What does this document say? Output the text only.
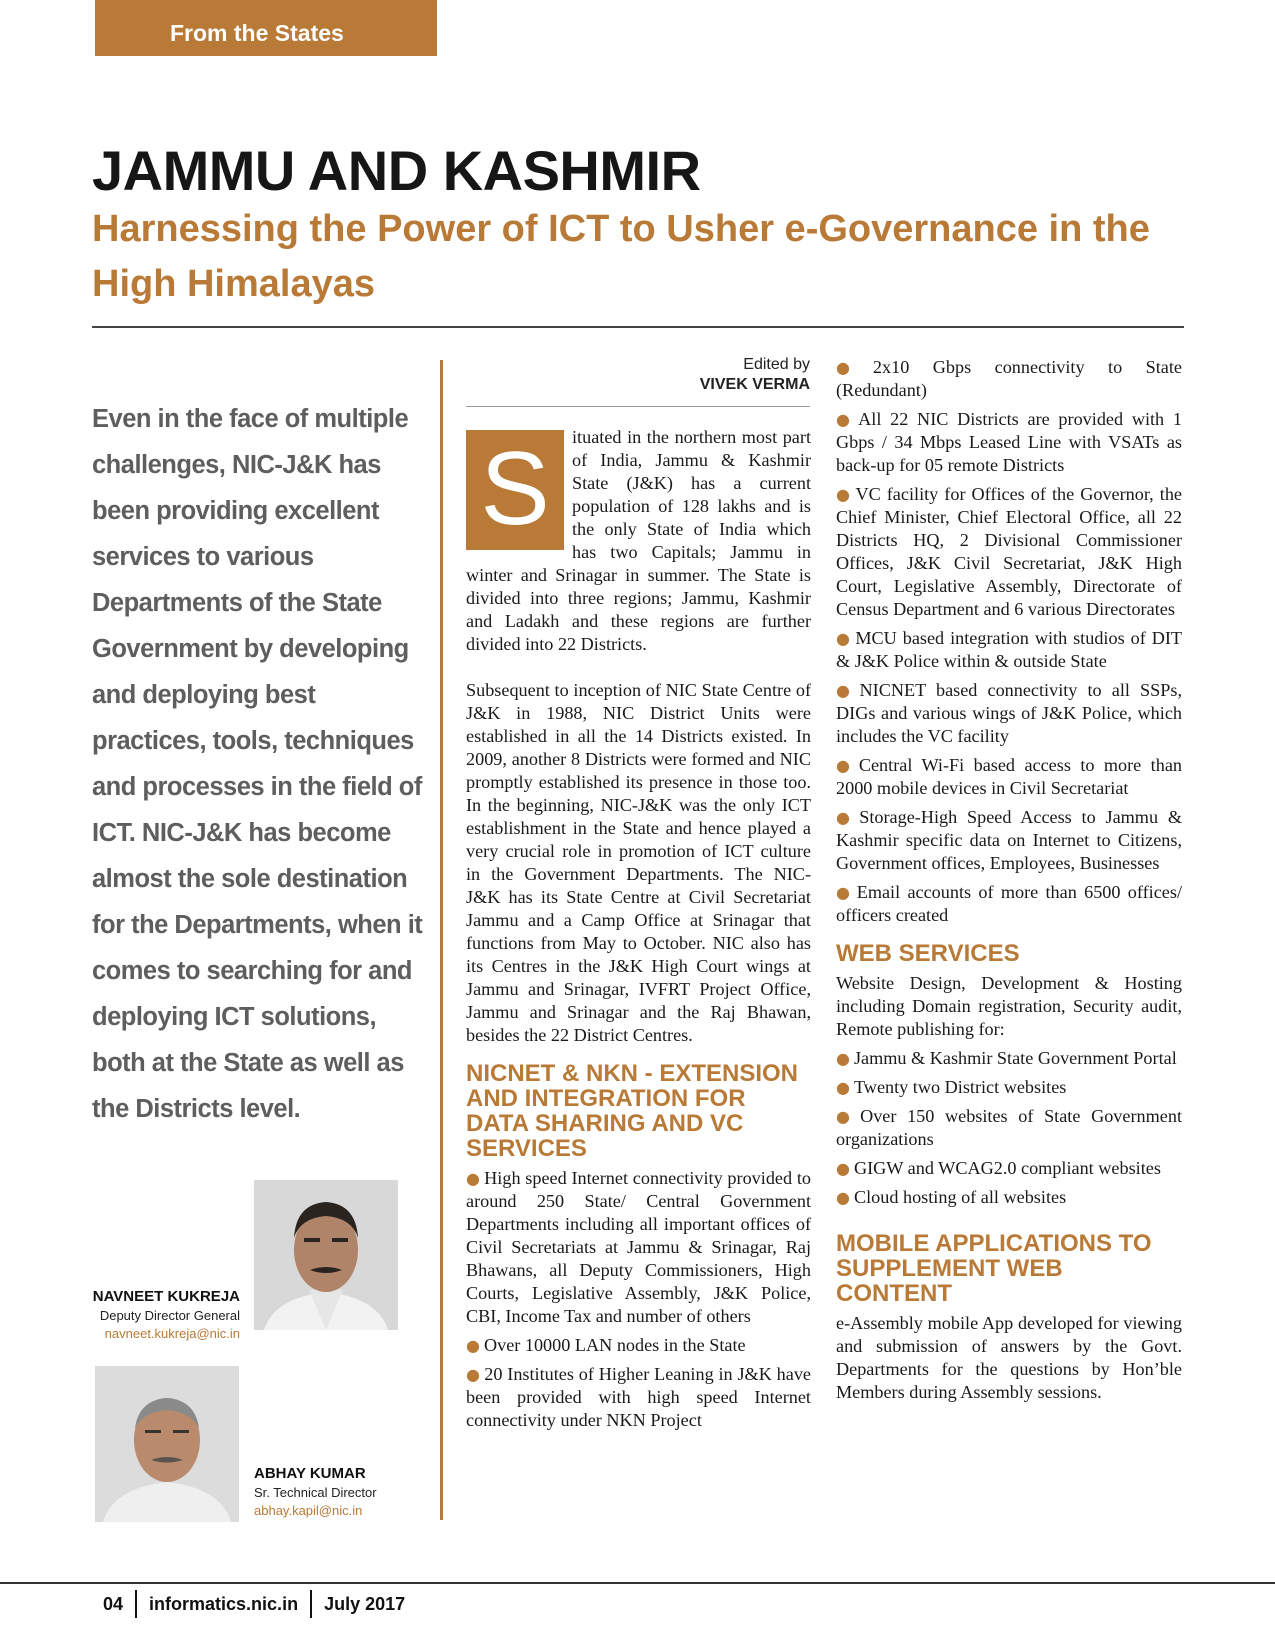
From the States
JAMMU AND KASHMIR
Harnessing the Power of ICT to Usher e-Governance in the High Himalayas
Even in the face of multiple challenges, NIC-J&K has been providing excellent services to various Departments of the State Government by developing and deploying best practices, tools, techniques and processes in the field of ICT. NIC-J&K has become almost the sole destination for the Departments, when it comes to searching for and deploying ICT solutions, both at the State as well as the Districts level.
NAVNEET KUKREJA
Deputy Director General
navneet.kukreja@nic.in
ABHAY KUMAR
Sr. Technical Director
abhay.kapil@nic.in
Edited by
VIVEK VERMA

S	ituated in the northern most part of India, Jammu & Kashmir State (J&K) has a current population of 128 lakhs and is the only State of India which has two Capitals; Jammu in winter and Srinagar in summer. The State is divided into three regions; Jammu, Kashmir and Ladakh and these regions are further divided into 22 Districts.

Subsequent to inception of NIC State Centre of J&K in 1988, NIC District Units were established in all the 14 Districts existed. In 2009, another 8 Districts were formed and NIC promptly established its presence in those too. In the beginning, NIC-J&K was the only ICT establishment in the State and hence played a very crucial role in promotion of ICT culture in the Government Departments. The NIC-J&K has its State Centre at Civil Secretariat Jammu and a Camp Office at Srinagar that functions from May to October. NIC also has its Centres in the J&K High Court wings at Jammu and Srinagar, IVFRT Project Office, Jammu and Srinagar and the Raj Bhawan, besides the 22 District Centres.

NICNET & NKN - EXTENSION AND INTEGRATION FOR DATA SHARING AND VC SERVICES

● High speed Internet connectivity provided to around 250 State/ Central Government Departments including all important offices of Civil Secretariats at Jammu & Srinagar, Raj Bhawans, all Deputy Commissioners, High Courts, Legislative Assembly, J&K Police, CBI, Income Tax and number of others

● Over 10000 LAN nodes in the State

● 20 Institutes of Higher Leaning in J&K have been provided with high speed Internet connectivity under NKN Project

● 2x10 Gbps connectivity to State (Redundant)

● All 22 NIC Districts are provided with 1 Gbps / 34 Mbps Leased Line with VSATs as back-up for 05 remote Districts

● VC facility for Offices of the Governor, the Chief Minister, Chief Electoral Office, all 22 Districts HQ, 2 Divisional Commissioner Offices, J&K Civil Secretariat, J&K High Court, Legislative Assembly, Directorate of Census Department and 6 various Directorates

● MCU based integration with studios of DIT & J&K Police within & outside State

● NICNET based connectivity to all SSPs, DIGs and various wings of J&K Police, which includes the VC facility

● Central Wi-Fi based access to more than 2000 mobile devices in Civil Secretariat

● Storage-High Speed Access to Jammu & Kashmir specific data on Internet to Citizens, Government offices, Employees, Businesses

● Email accounts of more than 6500 offices/ officers created

WEB SERVICES

Website Design, Development & Hosting including Domain registration, Security audit, Remote publishing for:

● Jammu & Kashmir State Government Portal

● Twenty two District websites

● Over 150 websites of State Government organizations

● GIGW and WCAG2.0 compliant websites

● Cloud hosting of all websites

MOBILE APPLICATIONS TO SUPPLEMENT WEB CONTENT

e-Assembly mobile App developed for viewing and submission of answers by the Govt. Departments for the questions by Hon’ble Members during Assembly sessions.

04 informatics.nic.in July 2017
